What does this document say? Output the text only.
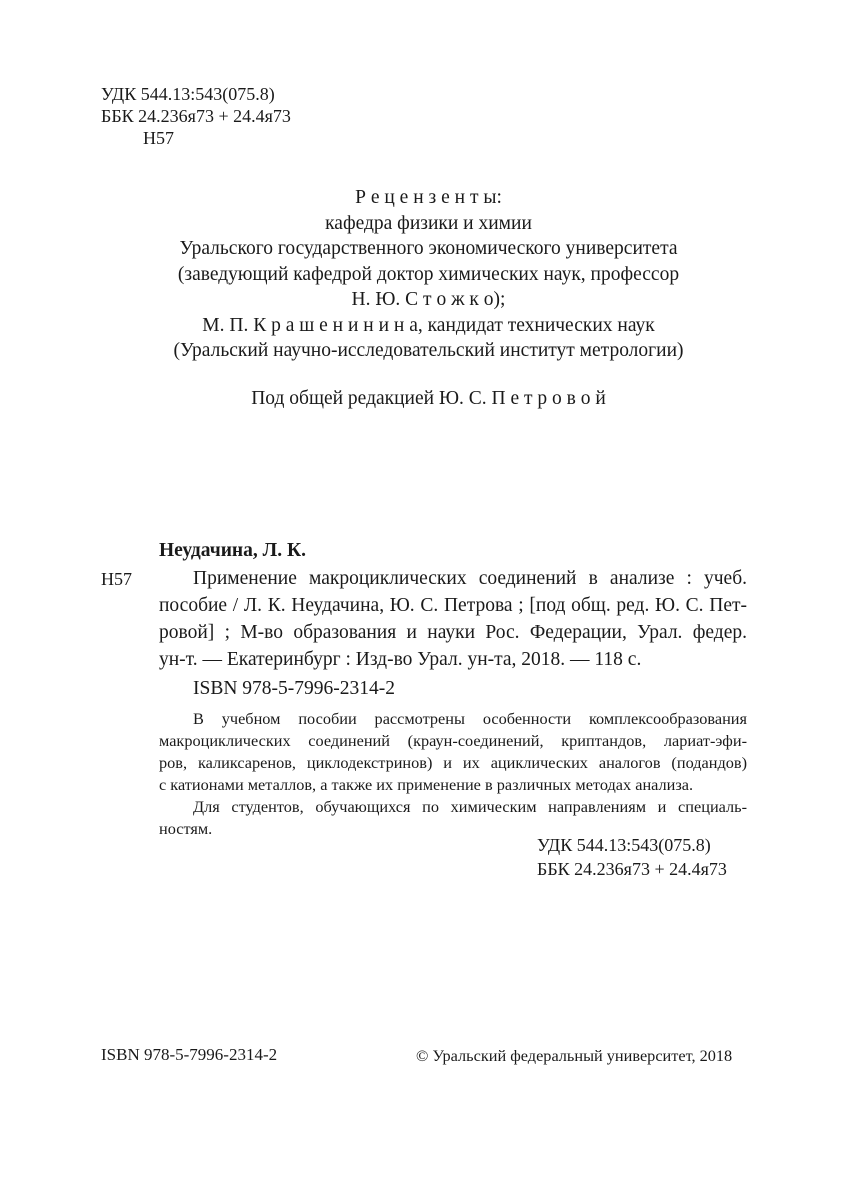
УДК 544.13:543(075.8)
ББК 24.236я73 + 24.4я73
Н57
Р е ц е н з е н т ы:
кафедра физики и химии
Уральского государственного экономического университета
(заведующий кафедрой доктор химических наук, профессор
Н. Ю. С т о ж к о);
М. П. К р а ш е н и н и н а, кандидат технических наук
(Уральский научно-исследовательский институт метрологии)
Под общей редакцией Ю. С. П е т р о в о й
Неудачина, Л. К.
Н57	Применение макроциклических соединений в анализе : учеб.
пособие / Л. К. Неудачина, Ю. С. Петрова ; [под общ. ред. Ю. С. Пет-
ровой] ; М-во образования и науки Рос. Федерации, Урал. федер.
ун-т. — Екатеринбург : Изд-во Урал. ун-та, 2018. — 118 с.
ISBN 978-5-7996-2314-2
В учебном пособии рассмотрены особенности комплексообразования
макроциклических соединений (краун-соединений, криптандов, лариат-эфи-
ров, каликсаренов, циклодекстринов) и их ациклических аналогов (подандов)
с катионами металлов, а также их применение в различных методах анализа.
Для студентов, обучающихся по химическим направлениям и специаль-
ностям.
УДК 544.13:543(075.8)
ББК 24.236я73 + 24.4я73
ISBN 978-5-7996-2314-2	© Уральский федеральный университет, 2018
